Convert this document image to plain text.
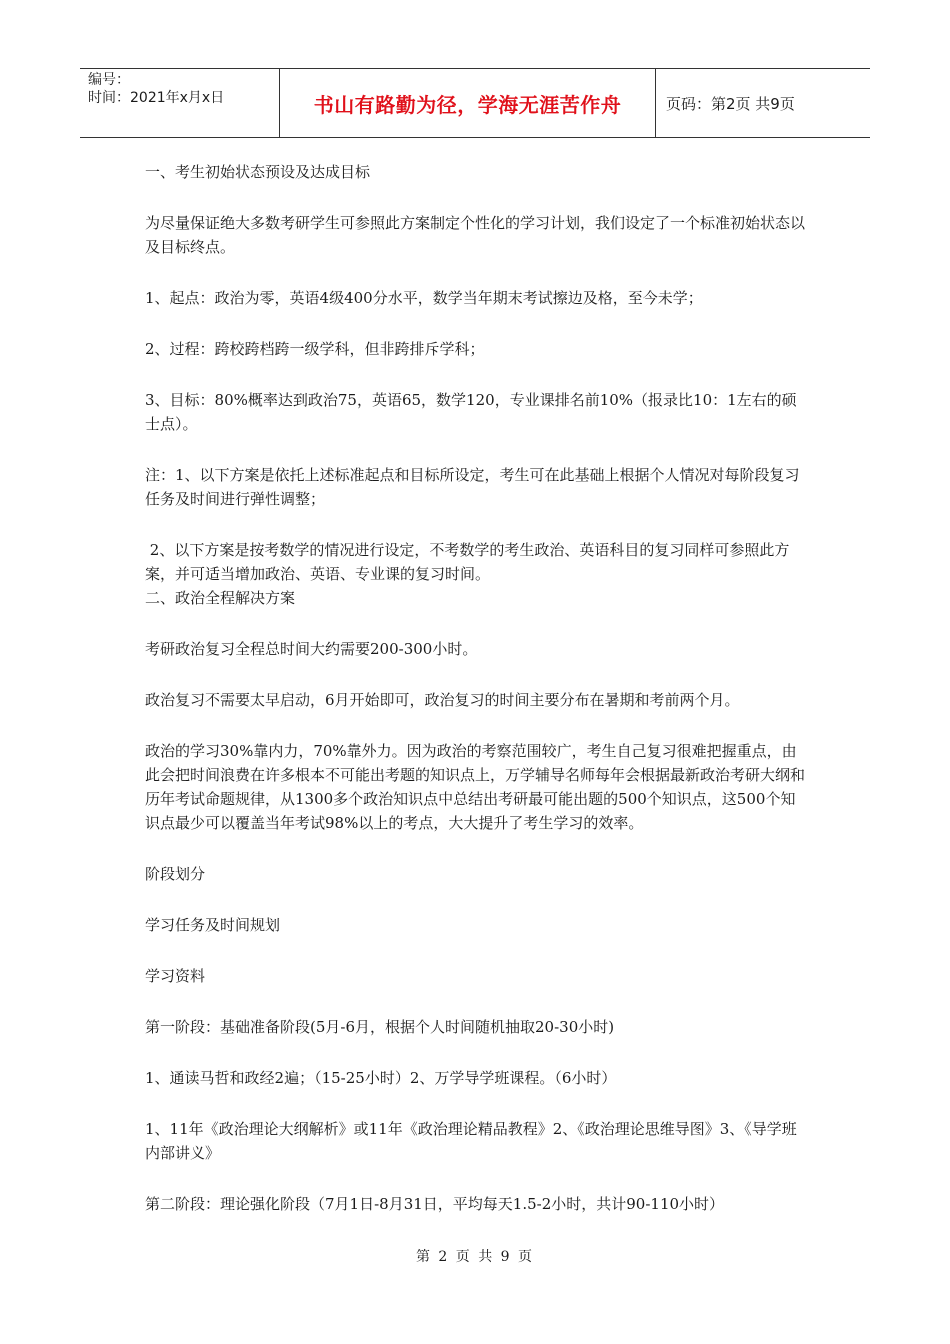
编号：
时间：2021年x月x日	书山有路勤为径，学海无涯苦作舟	页码：第2页 共9页

一、考生初始状态预设及达成目标

为尽量保证绝大多数考研学生可参照此方案制定个性化的学习计划，我们设定了一个标准初始状态以及目标终点。

1、起点：政治为零，英语4级400分水平，数学当年期末考试擦边及格，至今未学；

2、过程：跨校跨档跨一级学科，但非跨排斥学科；

3、目标：80%概率达到政治75，英语65，数学120，专业课排名前10%（报录比10：1左右的硕士点）。

注：1、以下方案是依托上述标准起点和目标所设定，考生可在此基础上根据个人情况对每阶段复习任务及时间进行弹性调整；

2、以下方案是按考数学的情况进行设定，不考数学的考生政治、英语科目的复习同样可参照此方案，并可适当增加政治、英语、专业课的复习时间。

二、政治全程解决方案

考研政治复习全程总时间大约需要200-300小时。

政治复习不需要太早启动，6月开始即可，政治复习的时间主要分布在暑期和考前两个月。

政治的学习30%靠内力，70%靠外力。因为政治的考察范围较广，考生自己复习很难把握重点，由此会把时间浪费在许多根本不可能出考题的知识点上，万学辅导名师每年会根据最新政治考研大纲和历年考试命题规律，从1300多个政治知识点中总结出考研最可能出题的500个知识点，这500个知识点最少可以覆盖当年考试98%以上的考点，大大提升了考生学习的效率。

阶段划分

学习任务及时间规划

学习资料

第一阶段：基础准备阶段(5月-6月，根据个人时间随机抽取20-30小时)

1、通读马哲和政经2遍；（15-25小时）2、万学导学班课程。（6小时）

1、11年《政治理论大纲解析》或11年《政治理论精品教程》2、《政治理论思维导图》3、《导学班内部讲义》

第二阶段：理论强化阶段（7月1日-8月31日，平均每天1.5-2小时，共计90-110小时）

第 2 页 共 9 页
